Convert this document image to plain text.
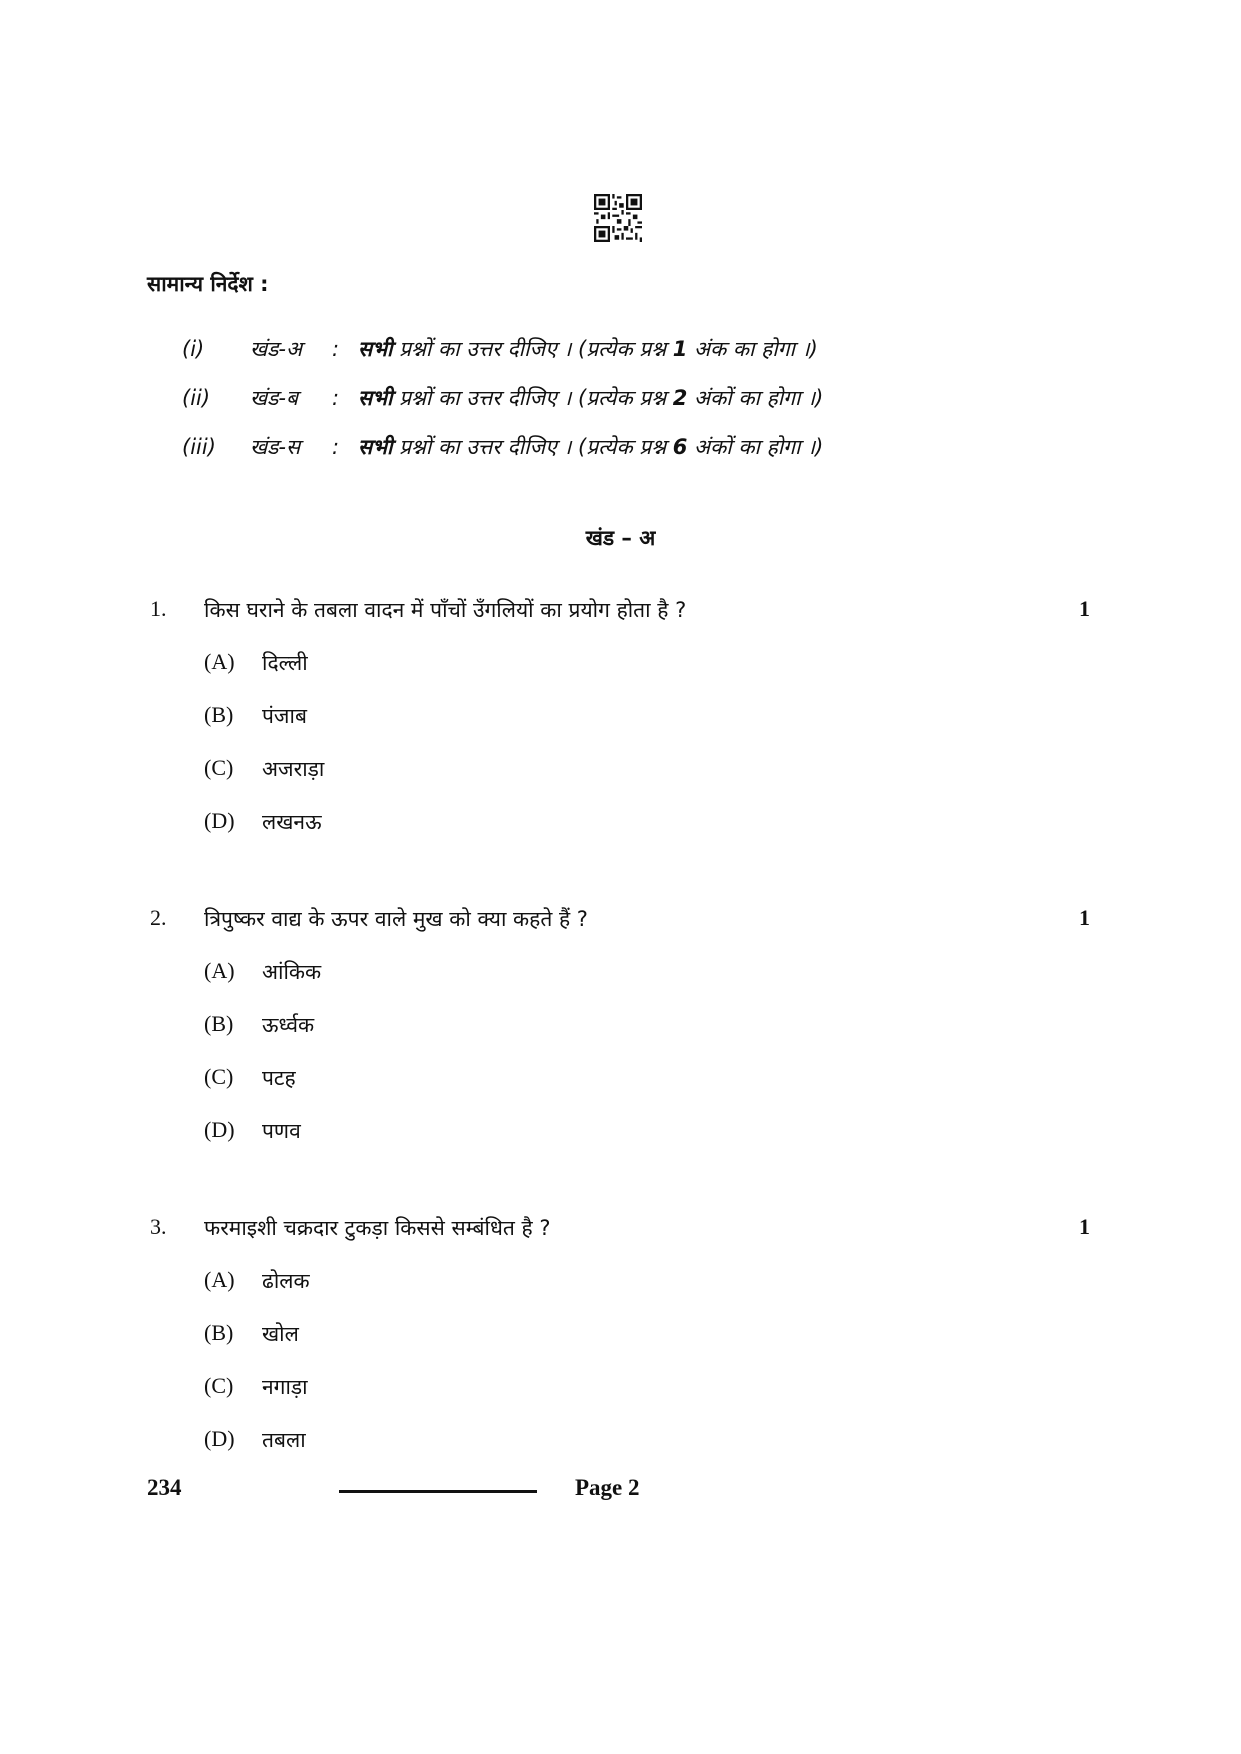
सामान्य निर्देश :
(i) खंड-अ : सभी प्रश्नों का उत्तर दीजिए । (प्रत्येक प्रश्न 1 अंक का होगा ।)
(ii) खंड-ब : सभी प्रश्नों का उत्तर दीजिए । (प्रत्येक प्रश्न 2 अंकों का होगा ।)
(iii) खंड-स : सभी प्रश्नों का उत्तर दीजिए । (प्रत्येक प्रश्न 6 अंकों का होगा ।)
खंड – अ
1. किस घराने के तबला वादन में पाँचों उँगलियों का प्रयोग होता है ?	1
(A) दिल्ली
(B) पंजाब
(C) अजराड़ा
(D) लखनऊ
2. त्रिपुष्कर वाद्य के ऊपर वाले मुख को क्या कहते हैं ?	1
(A) आंकिक
(B) ऊर्ध्वक
(C) पटह
(D) पणव
3. फरमाइशी चक्रदार टुकड़ा किससे सम्बंधित है ?	1
(A) ढोलक
(B) खोल
(C) नगाड़ा
(D) तबला
234	Page 2
